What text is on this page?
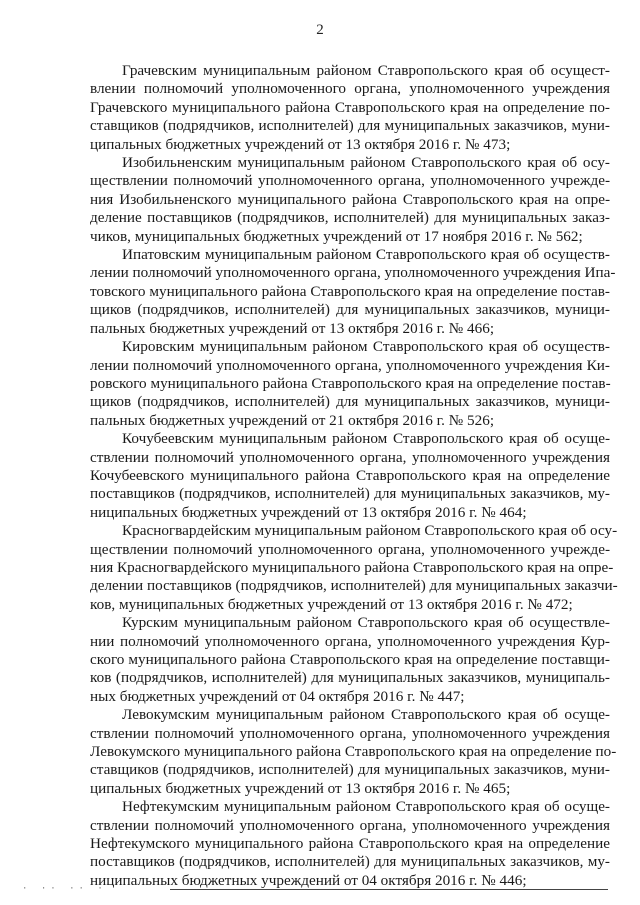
2
Грачевским муниципальным районом Ставропольского края об осущест-
влении полномочий уполномоченного органа, уполномоченного учреждения
Грачевского муниципального района Ставропольского края на определение по-
ставщиков (подрядчиков, исполнителей) для муниципальных заказчиков, муни-
ципальных бюджетных учреждений от 13 октября 2016 г. № 473;
Изобильненским муниципальным районом Ставропольского края об осу-
ществлении полномочий уполномоченного органа, уполномоченного учрежде-
ния Изобильненского муниципального района Ставропольского края на опре-
деление поставщиков (подрядчиков, исполнителей) для муниципальных заказ-
чиков, муниципальных бюджетных учреждений от 17 ноября 2016 г. № 562;
Ипатовским муниципальным районом Ставропольского края об осуществ-
лении полномочий уполномоченного органа, уполномоченного учреждения Ипа-
товского муниципального района Ставропольского края на определение постав-
щиков (подрядчиков, исполнителей) для муниципальных заказчиков, муници-
пальных бюджетных учреждений от 13 октября 2016 г. № 466;
Кировским муниципальным районом Ставропольского края об осуществ-
лении полномочий уполномоченного органа, уполномоченного учреждения Ки-
ровского муниципального района Ставропольского края на определение постав-
щиков (подрядчиков, исполнителей) для муниципальных заказчиков, муници-
пальных бюджетных учреждений от 21 октября 2016 г. № 526;
Кочубеевским муниципальным районом Ставропольского края об осуще-
ствлении полномочий уполномоченного органа, уполномоченного учреждения
Кочубеевского муниципального района Ставропольского края на определение
поставщиков (подрядчиков, исполнителей) для муниципальных заказчиков, му-
ниципальных бюджетных учреждений от 13 октября 2016 г. № 464;
Красногвардейским муниципальным районом Ставропольского края об осу-
ществлении полномочий уполномоченного органа, уполномоченного учрежде-
ния Красногвардейского муниципального района Ставропольского края на опре-
делении поставщиков (подрядчиков, исполнителей) для муниципальных заказчи-
ков, муниципальных бюджетных учреждений от 13 октября 2016 г. № 472;
Курским муниципальным районом Ставропольского края об осуществле-
нии полномочий уполномоченного органа, уполномоченного учреждения Кур-
ского муниципального района Ставропольского края на определение поставщи-
ков (подрядчиков, исполнителей) для муниципальных заказчиков, муниципаль-
ных бюджетных учреждений от 04 октября 2016 г. № 447;
Левокумским муниципальным районом Ставропольского края об осуще-
ствлении полномочий уполномоченного органа, уполномоченного учреждения
Левокумского муниципального района Ставропольского края на определение по-
ставщиков (подрядчиков, исполнителей) для муниципальных заказчиков, муни-
ципальных бюджетных учреждений от 13 октября 2016 г. № 465;
Нефтекумским муниципальным районом Ставропольского края об осуще-
ствлении полномочий уполномоченного органа, уполномоченного учреждения
Нефтекумского муниципального района Ставропольского края на определение
поставщиков (подрядчиков, исполнителей) для муниципальных заказчиков, му-
ниципальных бюджетных учреждений от 04 октября 2016 г. № 446;
· ·· ·· ·
